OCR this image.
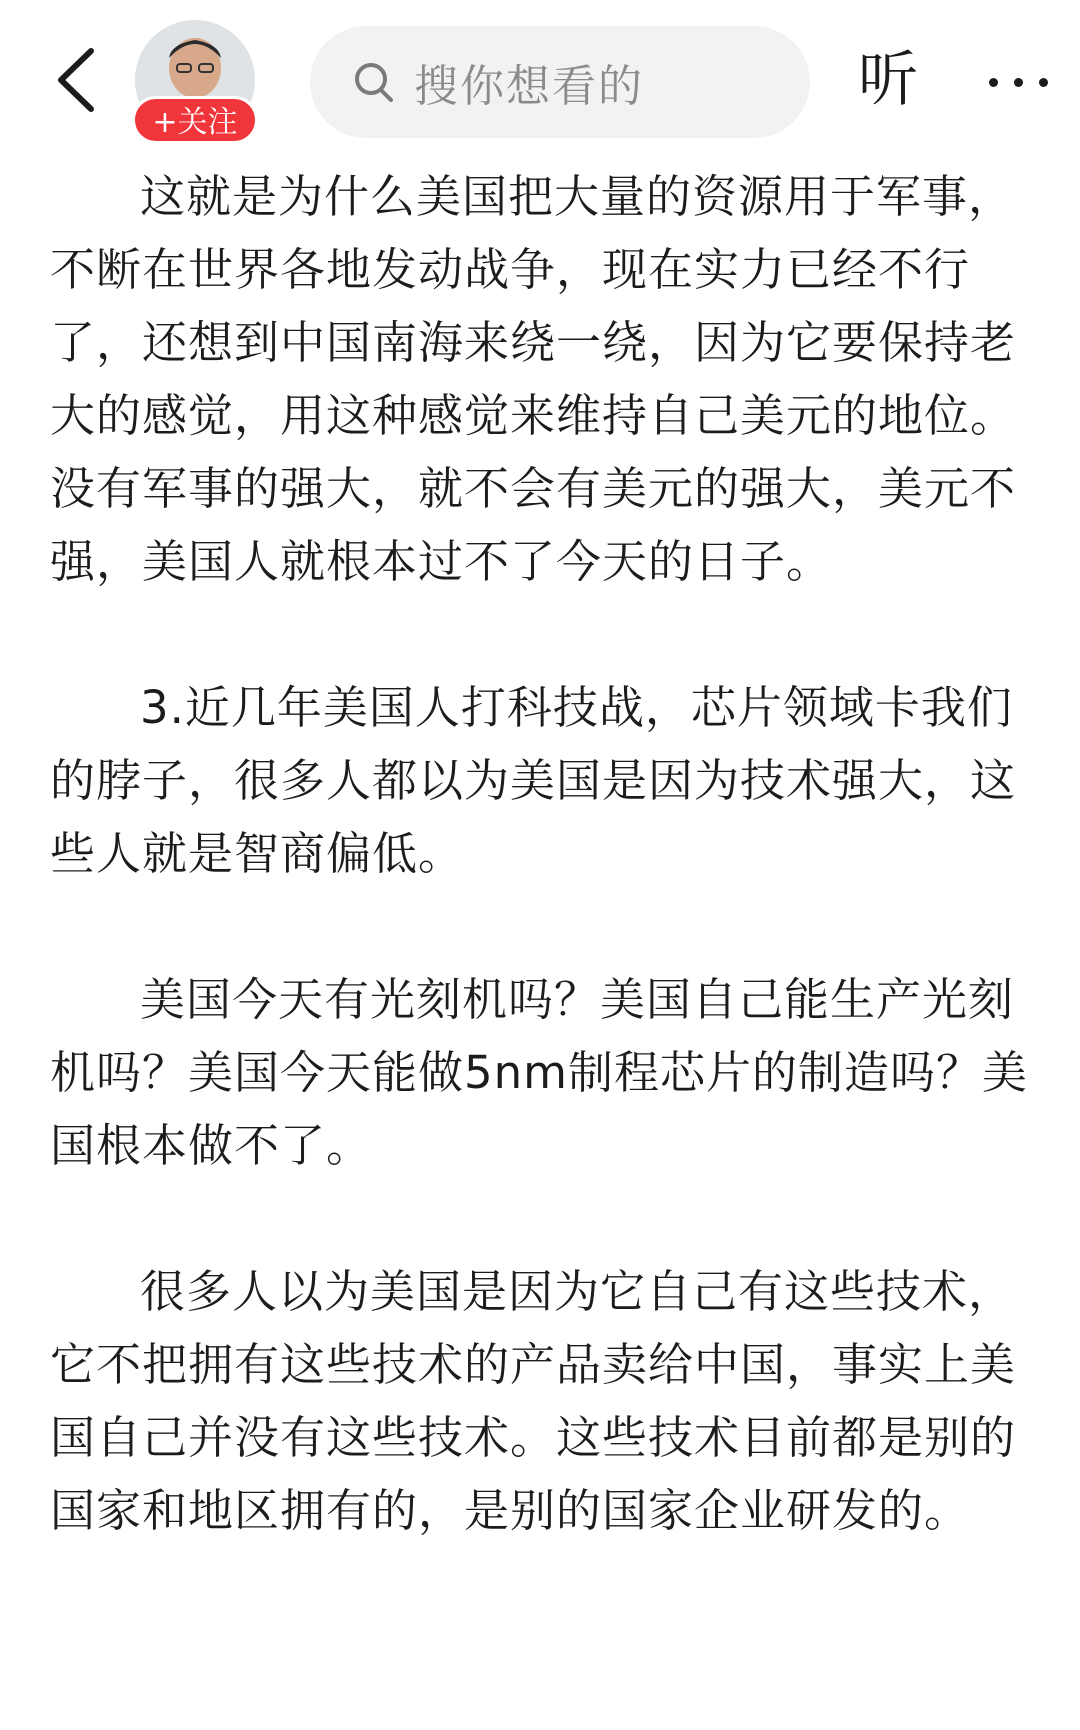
+关注
搜你想看的	听

这就是为什么美国把大量的资源用于军事，不断在世界各地发动战争，现在实力已经不行了，还想到中国南海来绕一绕，因为它要保持老大的感觉，用这种感觉来维持自己美元的地位。没有军事的强大，就不会有美元的强大，美元不强，美国人就根本过不了今天的日子。

3.近几年美国人打科技战，芯片领域卡我们的脖子，很多人都以为美国是因为技术强大，这些人就是智商偏低。

美国今天有光刻机吗？美国自己能生产光刻机吗？美国今天能做5nm制程芯片的制造吗？美国根本做不了。

很多人以为美国是因为它自己有这些技术，它不把拥有这些技术的产品卖给中国，事实上美国自己并没有这些技术。这些技术目前都是别的国家和地区拥有的，是别的国家企业研发的。
